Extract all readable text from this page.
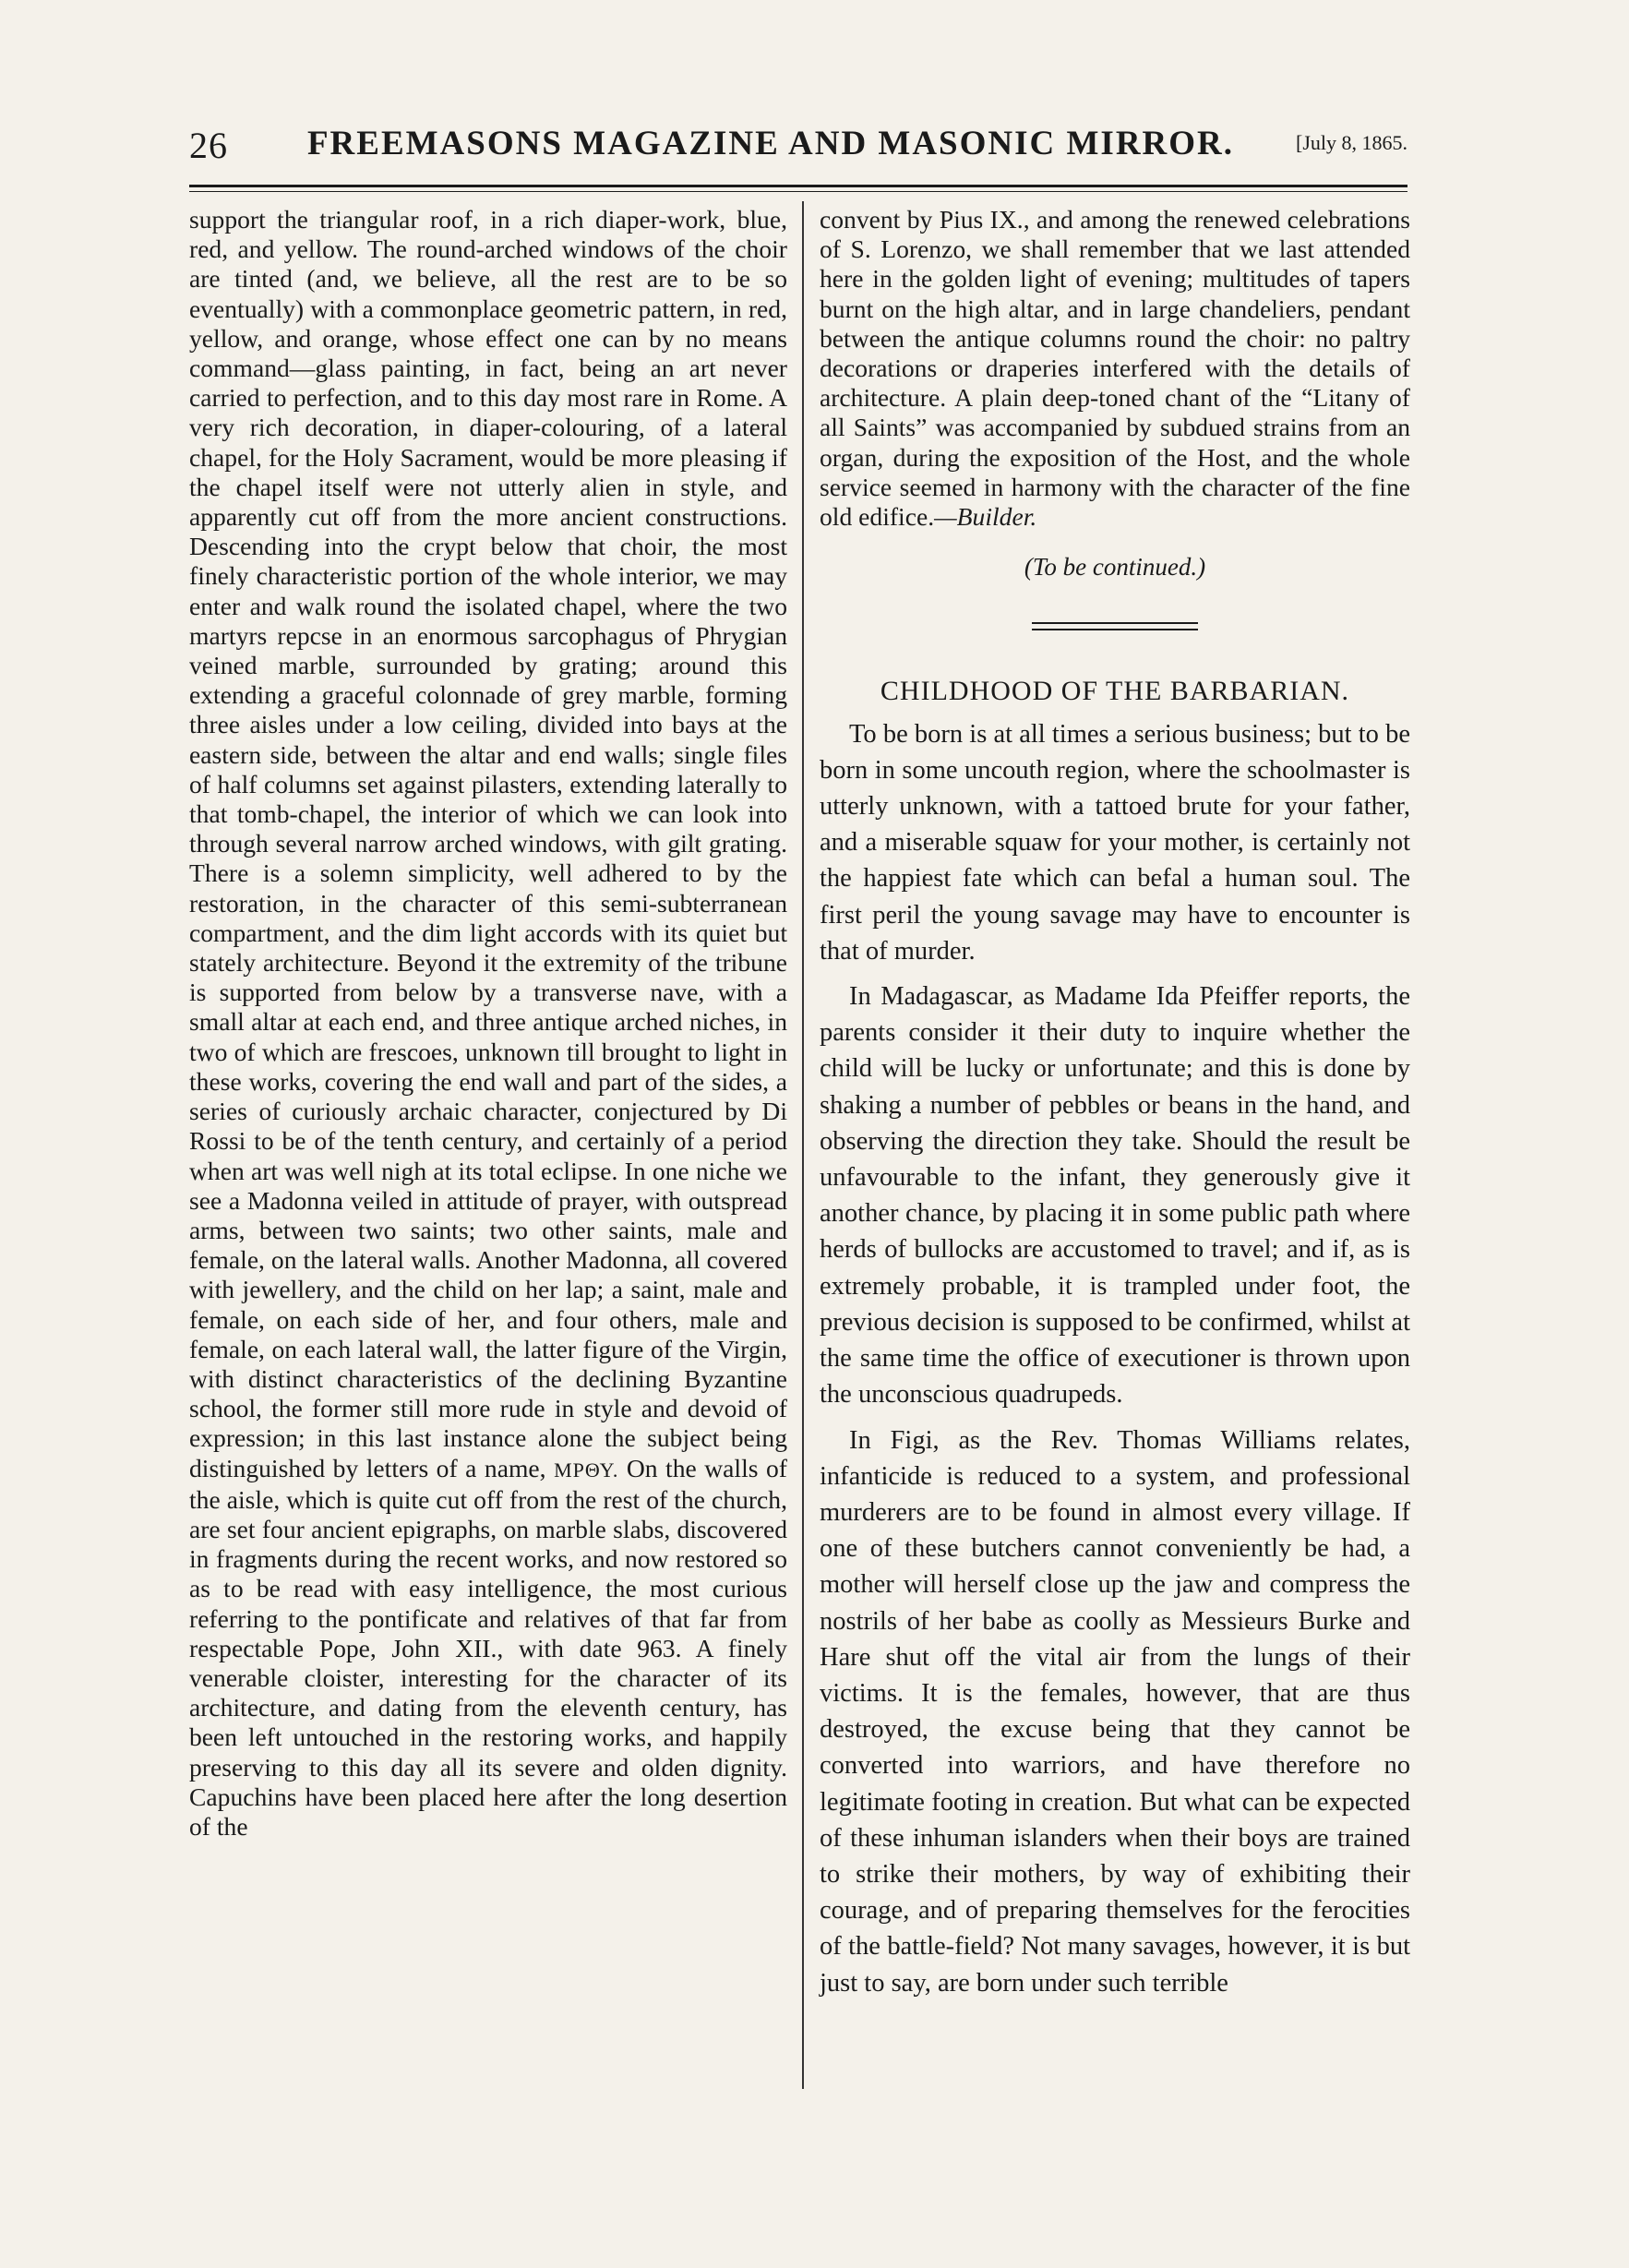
26	FREEMASONS MAGAZINE AND MASONIC MIRROR.	[July 8, 1865.

support the triangular roof, in a rich diaper-work, blue, red, and yellow. The round-arched windows of the choir are tinted (and, we believe, all the rest are to be so eventually) with a commonplace geometric pattern, in red, yellow, and orange, whose effect one can by no means command—glass painting, in fact, being an art never carried to perfection, and to this day most rare in Rome. A very rich decoration, in diaper-colouring, of a lateral chapel, for the Holy Sacrament, would be more pleasing if the chapel itself were not utterly alien in style, and apparently cut off from the more ancient constructions. Descending into the crypt below that choir, the most finely characteristic portion of the whole interior, we may enter and walk round the isolated chapel, where the two martyrs repcse in an enormous sarcophagus of Phrygian veined marble, surrounded by grating; around this extending a graceful colonnade of grey marble, forming three aisles under a low ceiling, divided into bays at the eastern side, between the altar and end walls; single files of half columns set against pilasters, extending laterally to that tomb-chapel, the interior of which we can look into through several narrow arched windows, with gilt grating. There is a solemn simplicity, well adhered to by the restoration, in the character of this semi-subterranean compartment, and the dim light accords with its quiet but stately architecture. Beyond it the extremity of the tribune is supported from below by a transverse nave, with a small altar at each end, and three antique arched niches, in two of which are frescoes, unknown till brought to light in these works, covering the end wall and part of the sides, a series of curiously archaic character, conjectured by Di Rossi to be of the tenth century, and certainly of a period when art was well nigh at its total eclipse. In one niche we see a Madonna veiled in attitude of prayer, with outspread arms, between two saints; two other saints, male and female, on the lateral walls. Another Madonna, all covered with jewellery, and the child on her lap; a saint, male and female, on each side of her, and four others, male and female, on each lateral wall, the latter figure of the Virgin, with distinct characteristics of the declining Byzantine school, the former still more rude in style and devoid of expression; in this last instance alone the subject being distinguished by letters of a name, ΜΡΘΥ. On the walls of the aisle, which is quite cut off from the rest of the church, are set four ancient epigraphs, on marble slabs, discovered in fragments during the recent works, and now restored so as to be read with easy intelligence, the most curious referring to the pontificate and relatives of that far from respectable Pope, John XII., with date 963. A finely venerable cloister, interesting for the character of its architecture, and dating from the eleventh century, has been left untouched in the restoring works, and happily preserving to this day all its severe and olden dignity. Capuchins have been placed here after the long desertion of the

convent by Pius IX., and among the renewed celebrations of S. Lorenzo, we shall remember that we last attended here in the golden light of evening; multitudes of tapers burnt on the high altar, and in large chandeliers, pendant between the antique columns round the choir: no paltry decorations or draperies interfered with the details of architecture. A plain deep-toned chant of the “Litany of all Saints” was accompanied by subdued strains from an organ, during the exposition of the Host, and the whole service seemed in harmony with the character of the fine old edifice.—Builder.

(To be continued.)

CHILDHOOD OF THE BARBARIAN.

To be born is at all times a serious business; but to be born in some uncouth region, where the schoolmaster is utterly unknown, with a tattoed brute for your father, and a miserable squaw for your mother, is certainly not the happiest fate which can befal a human soul. The first peril the young savage may have to encounter is that of murder.

In Madagascar, as Madame Ida Pfeiffer reports, the parents consider it their duty to inquire whether the child will be lucky or unfortunate; and this is done by shaking a number of pebbles or beans in the hand, and observing the direction they take. Should the result be unfavourable to the infant, they generously give it another chance, by placing it in some public path where herds of bullocks are accustomed to travel; and if, as is extremely probable, it is trampled under foot, the previous decision is supposed to be confirmed, whilst at the same time the office of executioner is thrown upon the unconscious quadrupeds.

In Figi, as the Rev. Thomas Williams relates, infanticide is reduced to a system, and professional murderers are to be found in almost every village. If one of these butchers cannot conveniently be had, a mother will herself close up the jaw and compress the nostrils of her babe as coolly as Messieurs Burke and Hare shut off the vital air from the lungs of their victims. It is the females, however, that are thus destroyed, the excuse being that they cannot be converted into warriors, and have therefore no legitimate footing in creation. But what can be expected of these inhuman islanders when their boys are trained to strike their mothers, by way of exhibiting their courage, and of preparing themselves for the ferocities of the battle-field? Not many savages, however, it is but just to say, are born under such terrible
